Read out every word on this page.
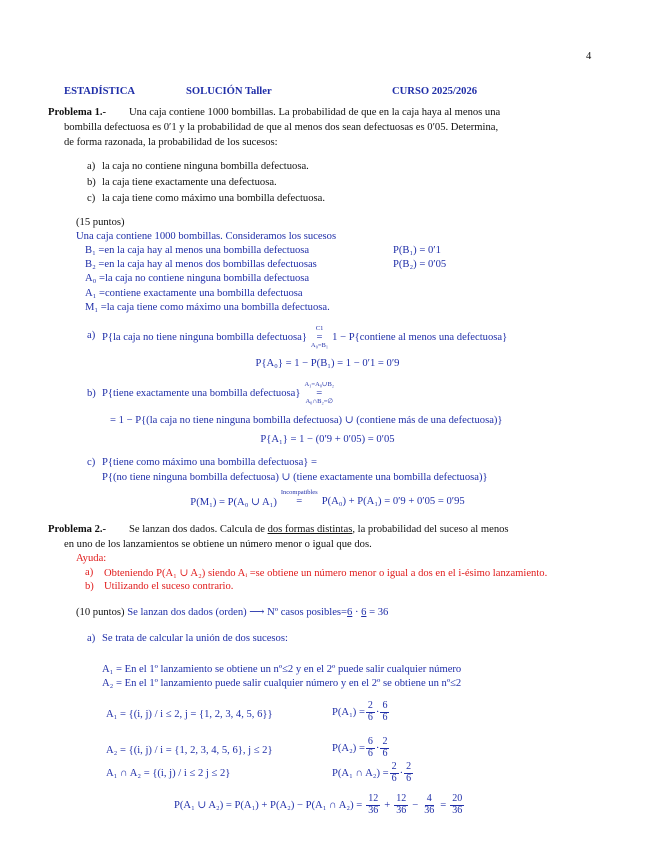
4
ESTADÍSTICA	SOLUCIÓN Taller	CURSO 2025/2026
Problema 1.- Una caja contiene 1000 bombillas. La probabilidad de que en la caja haya al menos una
bombilla defectuosa es 0′1 y la probabilidad de que al menos dos sean defectuosas es 0′05. Determina,
de forma razonada, la probabilidad de los sucesos:
a) la caja no contiene ninguna bombilla defectuosa.
b) la caja tiene exactamente una defectuosa.
c) la caja tiene como máximo una bombilla defectuosa.
(15 puntos)
Una caja contiene 1000 bombillas. Consideramos los sucesos
B₁ =en la caja hay al menos una bombilla defectuosa	P(B₁) = 0′1
B₂ =en la caja hay al menos dos bombillas defectuosas	P(B₂) = 0′05
A₀ =la caja no contiene ninguna bombilla defectuosa
A₁ =contiene exactamente una bombilla defectuosa
M₁ =la caja tiene como máximo una bombilla defectuosa.
a) P{la caja no tiene ninguna bombilla defectuosa}
C1
=
A₀=B₁
1 − P{contiene al menos una defectuosa}
P{A₀} = 1 − P(B₁) = 1 − 0′1 = 0′9
b) P{tiene exactamente una bombilla defectuosa}
A₁=A₀∪B₂
=
A₀∩B₂=∅
= 1 − P{(la caja no tiene ninguna bombilla defectuosa) ∪ (contiene más de una defectuosa)}
P{A₁} = 1 − (0′9 + 0′05) = 0′05
c) P{tiene como máximo una bombilla defectuosa} =
P{(no tiene ninguna bombilla defectuosa) ∪ (tiene exactamente una bombilla defectuosa)}
P(M₁) = P(A₀ ∪ A₁)
Incompatibles
=
P(A₀) + P(A₁) = 0′9 + 0′05 = 0′95
Problema 2.- Se lanzan dos dados. Calcula de dos formas distintas, la probabilidad del suceso al menos
en uno de los lanzamientos se obtiene un número menor o igual que dos.
Ayuda:
a) Obteniendo P(A₁ ∪ A₂) siendo Aᵢ =se obtiene un número menor o igual a dos en el i-ésimo lanzamiento.
b) Utilizando el suceso contrario.
(10 puntos) Se lanzan dos dados (orden) ⟶ Nº casos posibles=6 · 6 = 36
a) Se trata de calcular la unión de dos sucesos:
A₁ = En el 1º lanzamiento se obtiene un nº≤2 y en el 2º puede salir cualquier número
A₂ = En el 1º lanzamiento puede salir cualquier número y en el 2º se obtiene un nº≤2
A₁ = {(i, j) / i ≤ 2, j = {1, 2, 3, 4, 5, 6}}	$P(A_1) = \frac{2}{6} \cdot \frac{6}{6}$
A₂ = {(i, j) / i = {1, 2, 3, 4, 5, 6}, j ≤ 2}	$P(A_2) = \frac{6}{6} \cdot \frac{2}{6}$
A₁ ∩ A₂ = {(i, j) / i ≤ 2 j ≤ 2}	P(A₁ ∩ $A_2) = \frac{2}{6} \cdot \frac{2}{6}$
P(A₁ ∪ A₂) = P(A₁) + P(A₂) − P(A₁ ∩ $A_2) = \frac{12}{36} + \frac{12}{36} - \frac{4}{36} = \frac{20}{36}$
